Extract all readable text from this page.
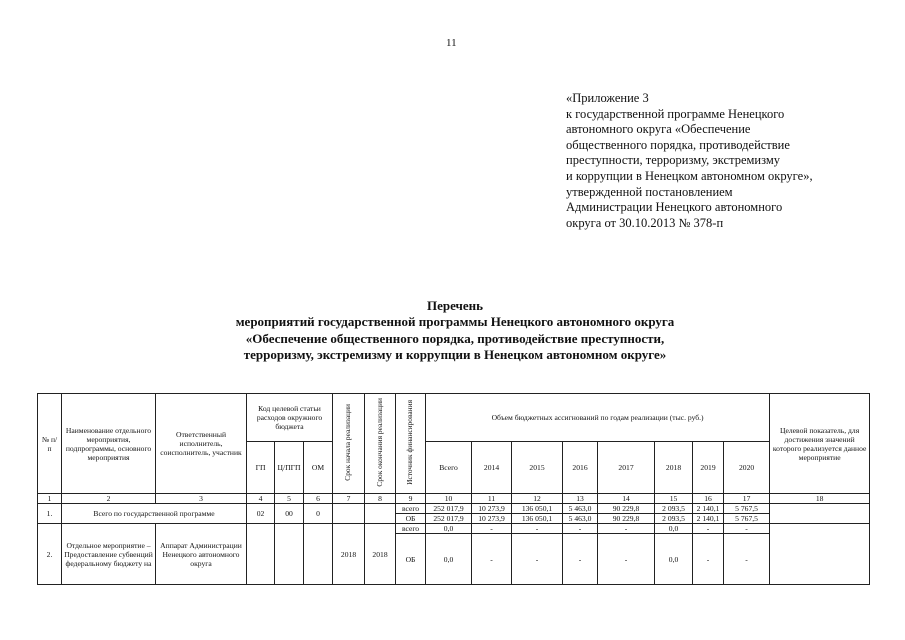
11
«Приложение 3
к государственной программе Ненецкого
автономного округа «Обеспечение
общественного порядка, противодействие
преступности, терроризму, экстремизму
и коррупции в Ненецком автономном округе»,
утвержденной постановлением
Администрации Ненецкого автономного
округа от 30.10.2013 № 378-п
Перечень
мероприятий государственной программы Ненецкого автономного округа
«Обеспечение общественного порядка, противодействие преступности,
терроризму, экстремизму и коррупции в Ненецком автономном округе»
№ п/п	Наименование отдельного мероприятия, подпрограммы, основного мероприятия	Ответственный исполнитель, соисполнитель, участник	Код целевой статьи расходов окружного бюджета			Срок начала реализации	Срок окончания реализации	Источник финансирования	Объем бюджетных ассигнований по годам реализации (тыс. руб.)								Целевой показатель, для достижения значений которого реализуется данное мероприятие
			ГП	Ц/ПГП	ОМ				Всего	2014	2015	2016	2017	2018	2019	2020	
1	2	3	4	5	6	7	8	9	10	11	12	13	14	15	16	17	18
1.	Всего по государственной программе		02	00	0			всего	252 017,9	10 273,9	136 050,1	5 463,0	90 229,8	2 093,5	2 140,1	5 767,5	
								ОБ	252 017,9	10 273,9	136 050,1	5 463,0	90 229,8	2 093,5	2 140,1	5 767,5	
2.	Отдельное мероприятие – Предоставление субвенций федеральному бюджету на	Аппарат Администрации Ненецкого автономного округа				2018	2018	всего	0,0	-	-	-	-	0,0	-	-	
								ОБ	0,0	-	-	-	-	0,0	-	-	
